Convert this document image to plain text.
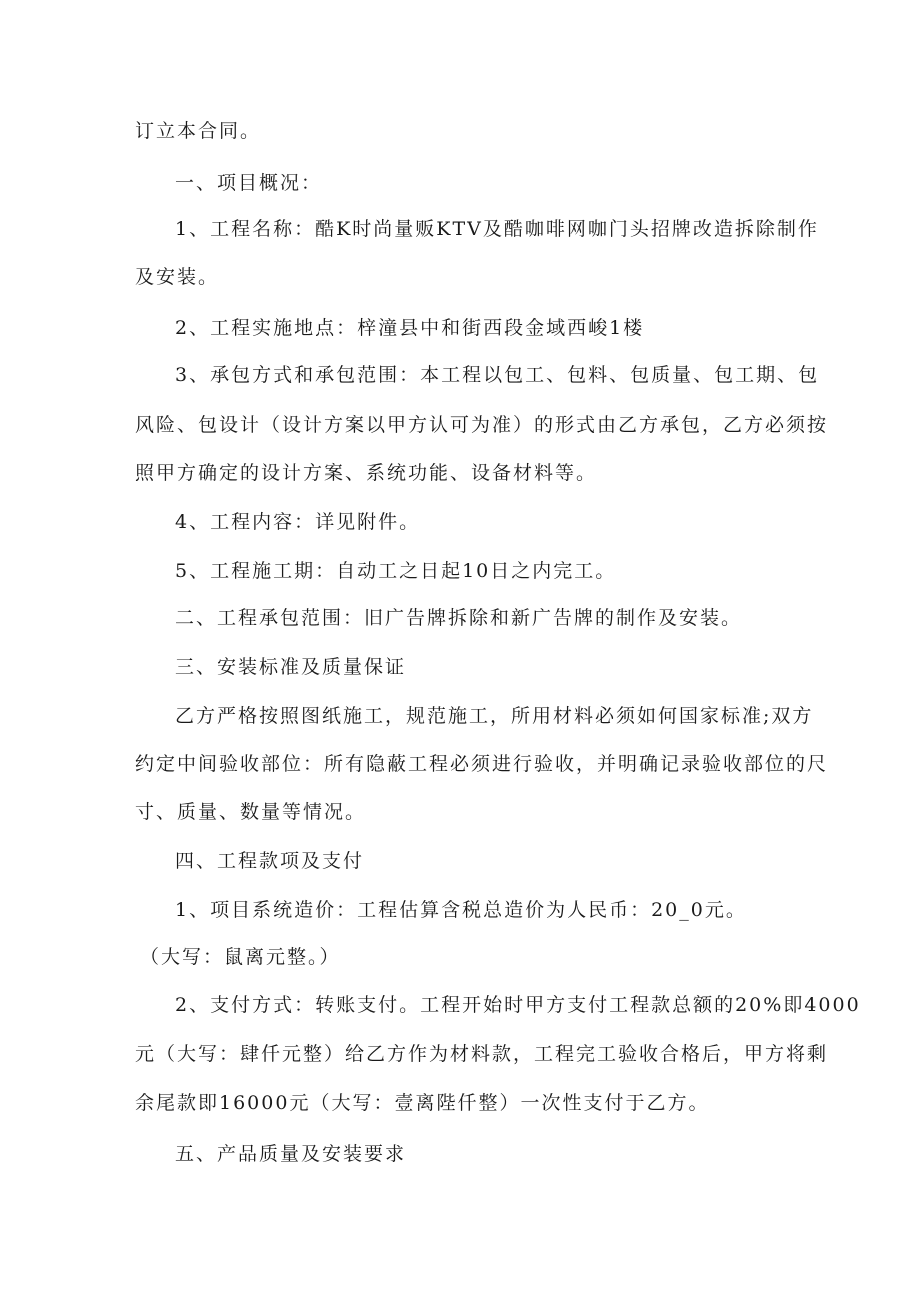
订立本合同。
一、项目概况：
1、工程名称：酷K时尚量贩KTV及酷咖啡网咖门头招牌改造拆除制作
及安装。
2、工程实施地点：梓潼县中和街西段金域西峻1楼
3、承包方式和承包范围：本工程以包工、包料、包质量、包工期、包
风险、包设计（设计方案以甲方认可为准）的形式由乙方承包，乙方必须按
照甲方确定的设计方案、系统功能、设备材料等。
4、工程内容：详见附件。
5、工程施工期：自动工之日起10日之内完工。
二、工程承包范围：旧广告牌拆除和新广告牌的制作及安装。
三、安装标准及质量保证
乙方严格按照图纸施工，规范施工，所用材料必须如何国家标准;双方
约定中间验收部位：所有隐蔽工程必须进行验收，并明确记录验收部位的尺
寸、质量、数量等情况。
四、工程款项及支付
1、项目系统造价：工程估算含税总造价为人民币：20_0元。
（大写：鼠离元整。）
2、支付方式：转账支付。工程开始时甲方支付工程款总额的20%即4000
元（大写：肆仟元整）给乙方作为材料款，工程完工验收合格后，甲方将剩
余尾款即16000元（大写：壹离陛仟整）一次性支付于乙方。
五、产品质量及安装要求
